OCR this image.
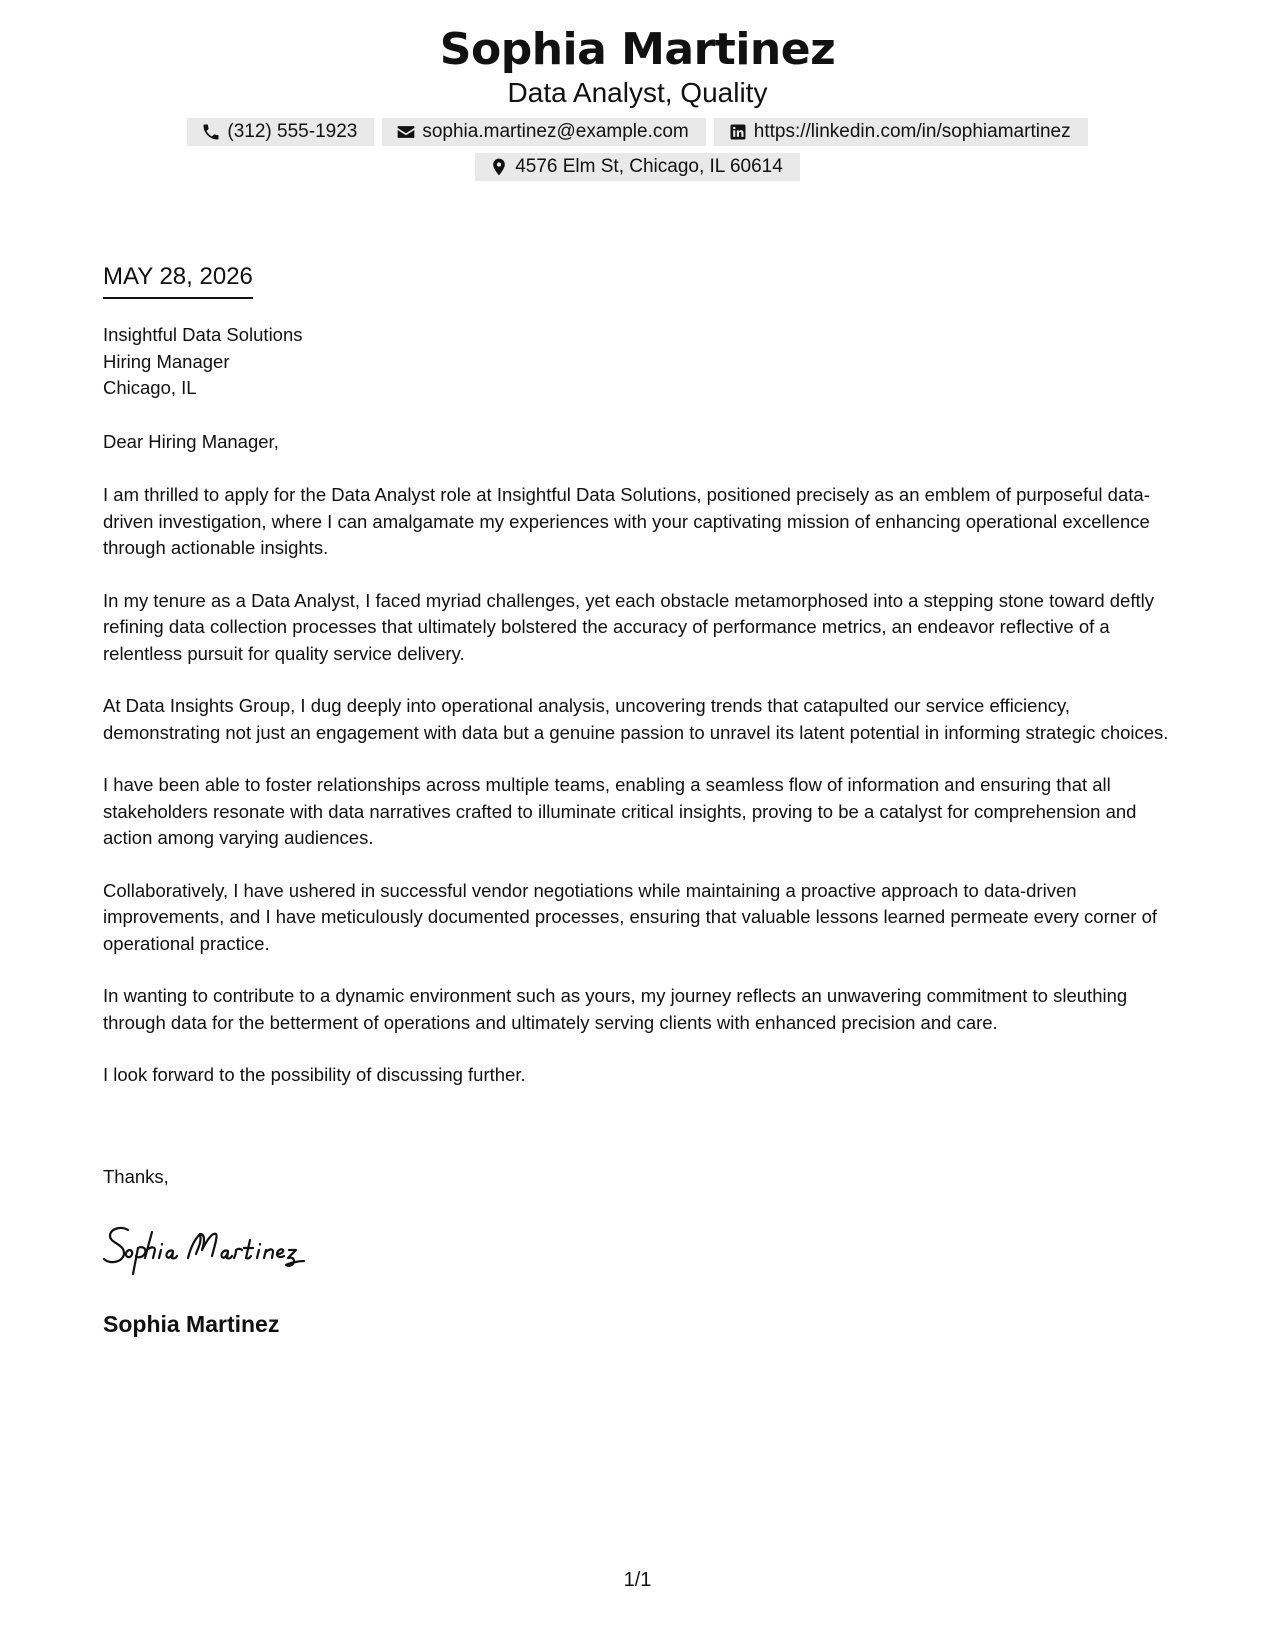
Sophia Martinez
Data Analyst, Quality
(312) 555-1923	sophia.martinez@example.com	https://linkedin.com/in/sophiamartinez
4576 Elm St, Chicago, IL 60614
MAY 28, 2026
Insightful Data Solutions
Hiring Manager
Chicago, IL
Dear Hiring Manager,

I am thrilled to apply for the Data Analyst role at Insightful Data Solutions, positioned precisely as an emblem of purposeful data-driven investigation, where I can amalgamate my experiences with your captivating mission of enhancing operational excellence through actionable insights.

In my tenure as a Data Analyst, I faced myriad challenges, yet each obstacle metamorphosed into a stepping stone toward deftly refining data collection processes that ultimately bolstered the accuracy of performance metrics, an endeavor reflective of a relentless pursuit for quality service delivery.

At Data Insights Group, I dug deeply into operational analysis, uncovering trends that catapulted our service efficiency, demonstrating not just an engagement with data but a genuine passion to unravel its latent potential in informing strategic choices.

I have been able to foster relationships across multiple teams, enabling a seamless flow of information and ensuring that all stakeholders resonate with data narratives crafted to illuminate critical insights, proving to be a catalyst for comprehension and action among varying audiences.

Collaboratively, I have ushered in successful vendor negotiations while maintaining a proactive approach to data-driven improvements, and I have meticulously documented processes, ensuring that valuable lessons learned permeate every corner of operational practice.

In wanting to contribute to a dynamic environment such as yours, my journey reflects an unwavering commitment to sleuthing through data for the betterment of operations and ultimately serving clients with enhanced precision and care.

I look forward to the possibility of discussing further.

Thanks,
Sophia Martinez
1/1
